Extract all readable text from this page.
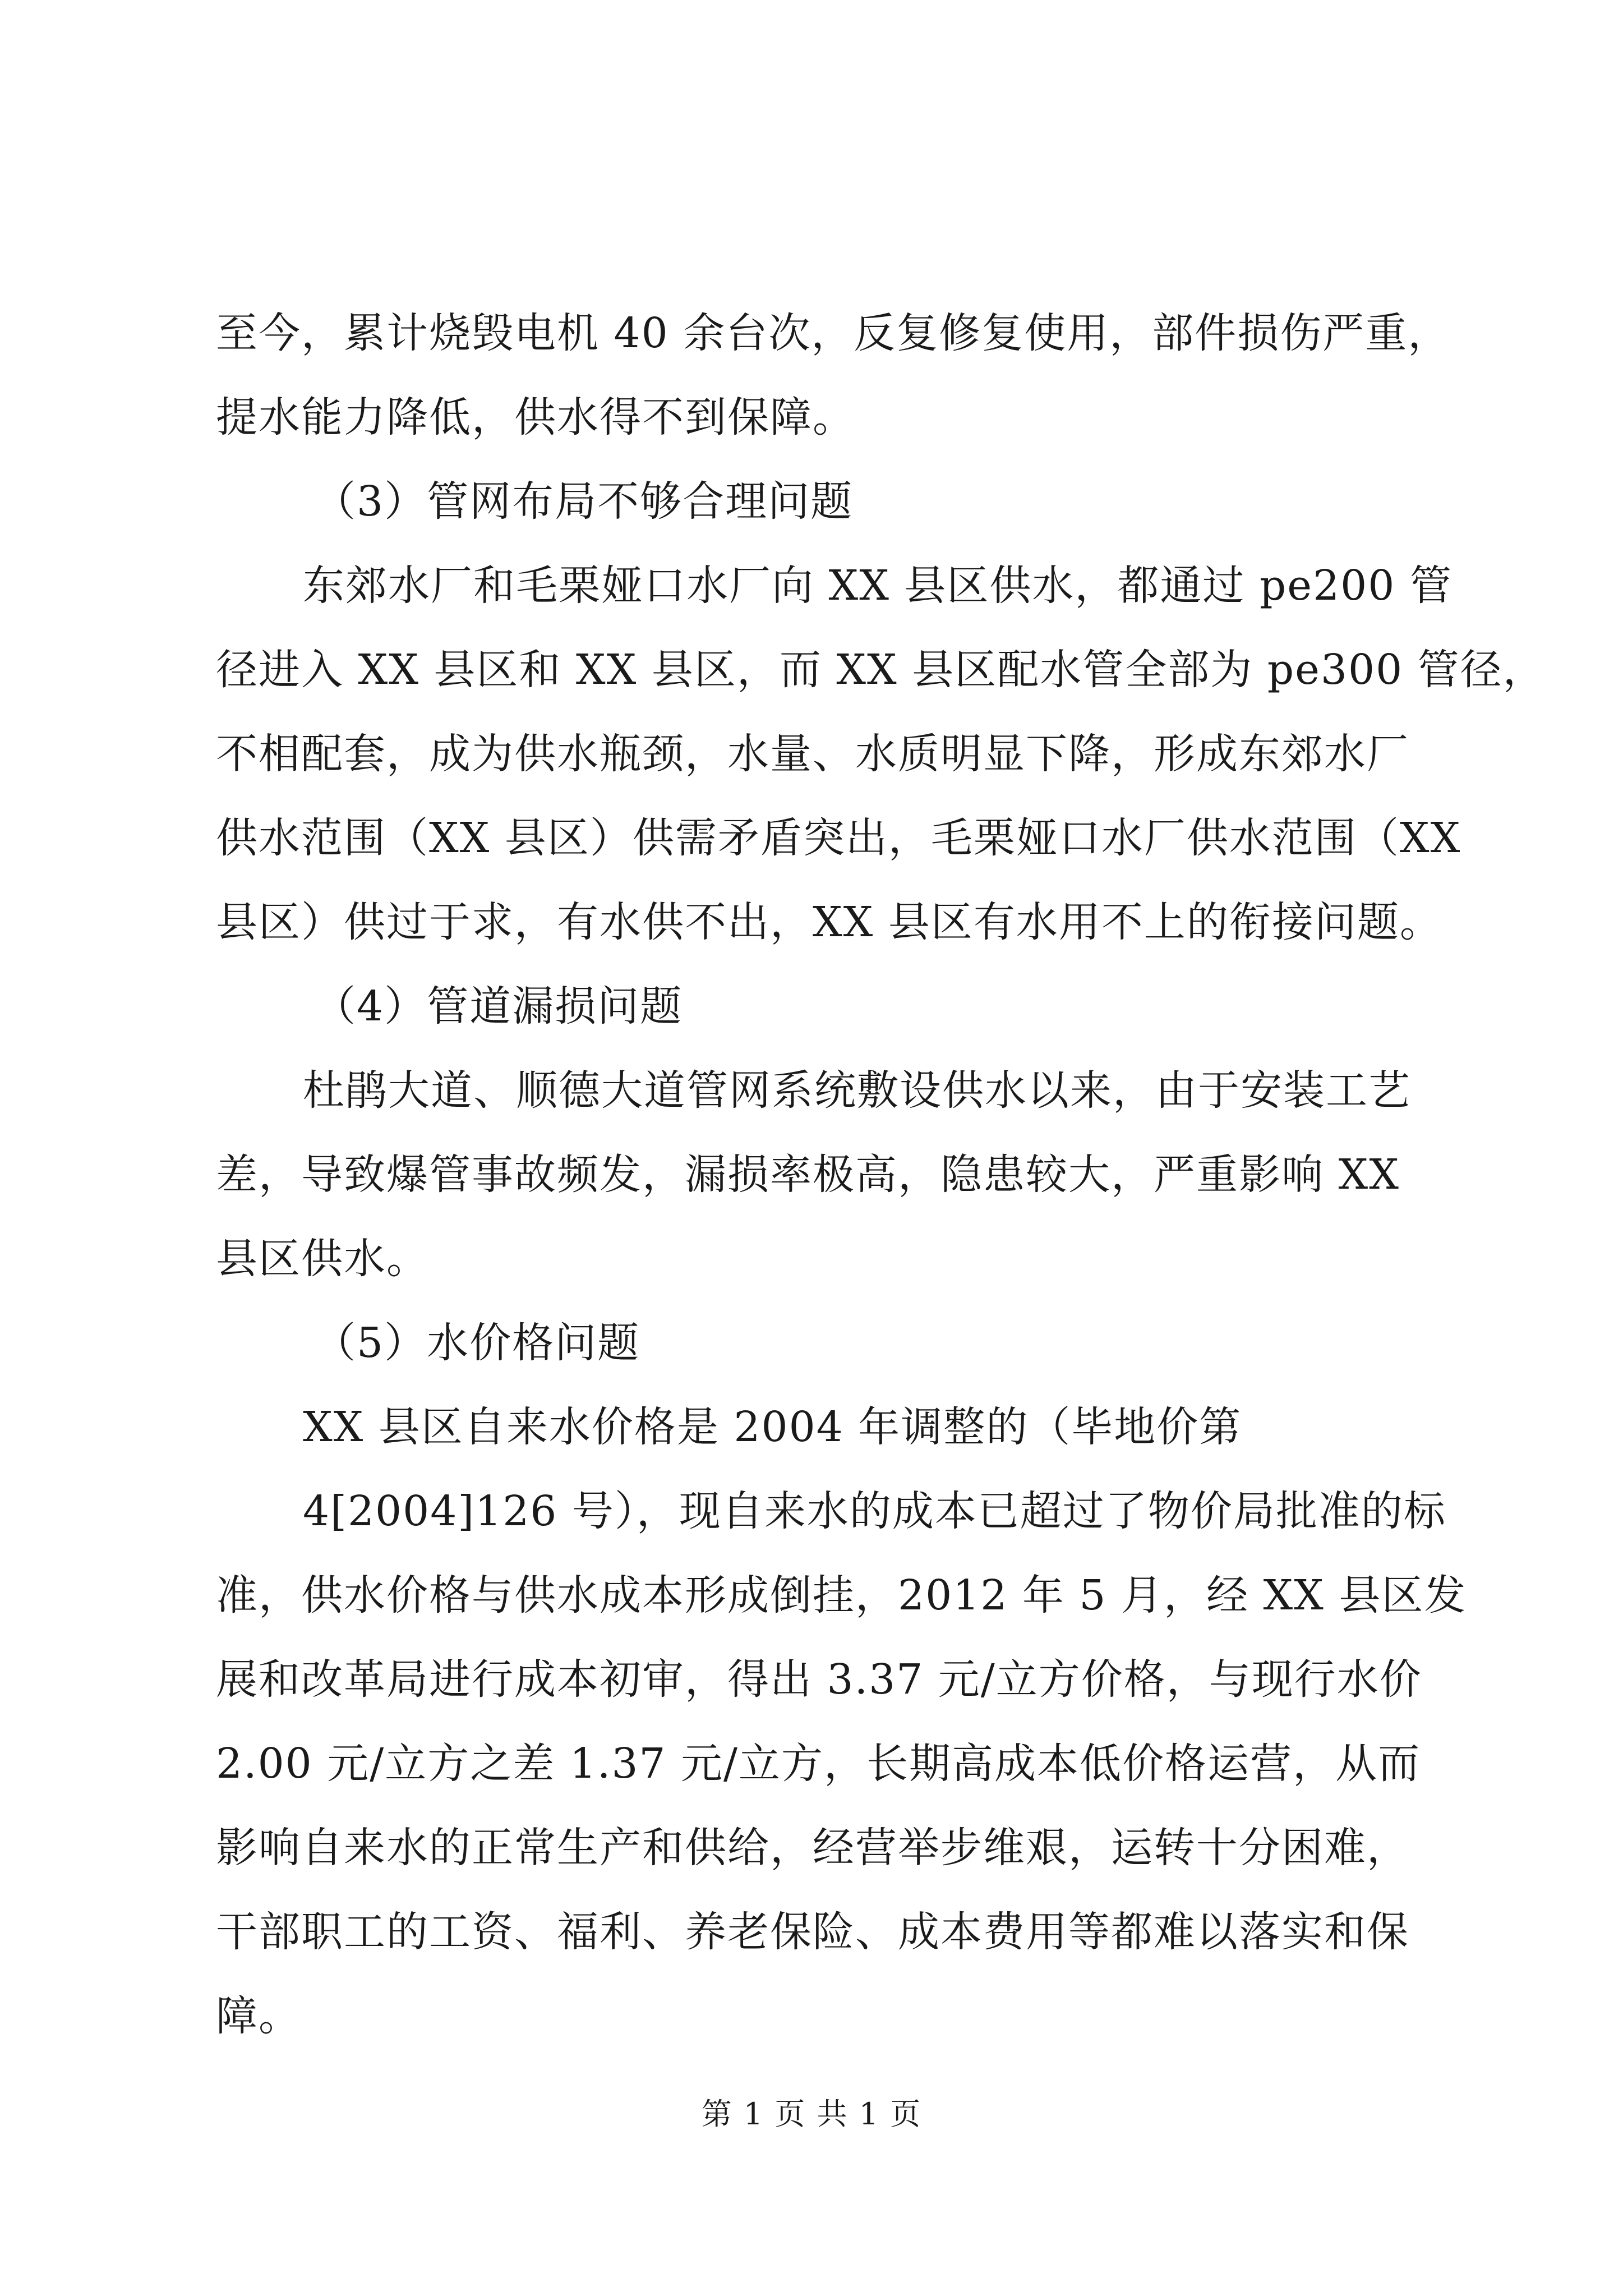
至今，累计烧毁电机 40 余台次，反复修复使用，部件损伤严重，
提水能力降低，供水得不到保障。
（3）管网布局不够合理问题
东郊水厂和毛栗娅口水厂向 XX 县区供水，都通过 pe200 管
径进入 XX 县区和 XX 县区，而 XX 县区配水管全部为 pe300 管径，
不相配套，成为供水瓶颈，水量、水质明显下降，形成东郊水厂
供水范围（XX 县区）供需矛盾突出，毛栗娅口水厂供水范围（XX
县区）供过于求，有水供不出，XX 县区有水用不上的衔接问题。
（4）管道漏损问题
杜鹃大道、顺德大道管网系统敷设供水以来，由于安装工艺
差，导致爆管事故频发，漏损率极高，隐患较大，严重影响 XX
县区供水。
（5）水价格问题
XX 县区自来水价格是 2004 年调整的（毕地价第
4[2004]126 号），现自来水的成本已超过了物价局批准的标
准，供水价格与供水成本形成倒挂，2012 年 5 月，经 XX 县区发
展和改革局进行成本初审，得出 3.37 元/立方价格，与现行水价
2.00 元/立方之差 1.37 元/立方，长期高成本低价格运营，从而
影响自来水的正常生产和供给，经营举步维艰，运转十分困难，
干部职工的工资、福利、养老保险、成本费用等都难以落实和保
障。
第 1 页 共 1 页
